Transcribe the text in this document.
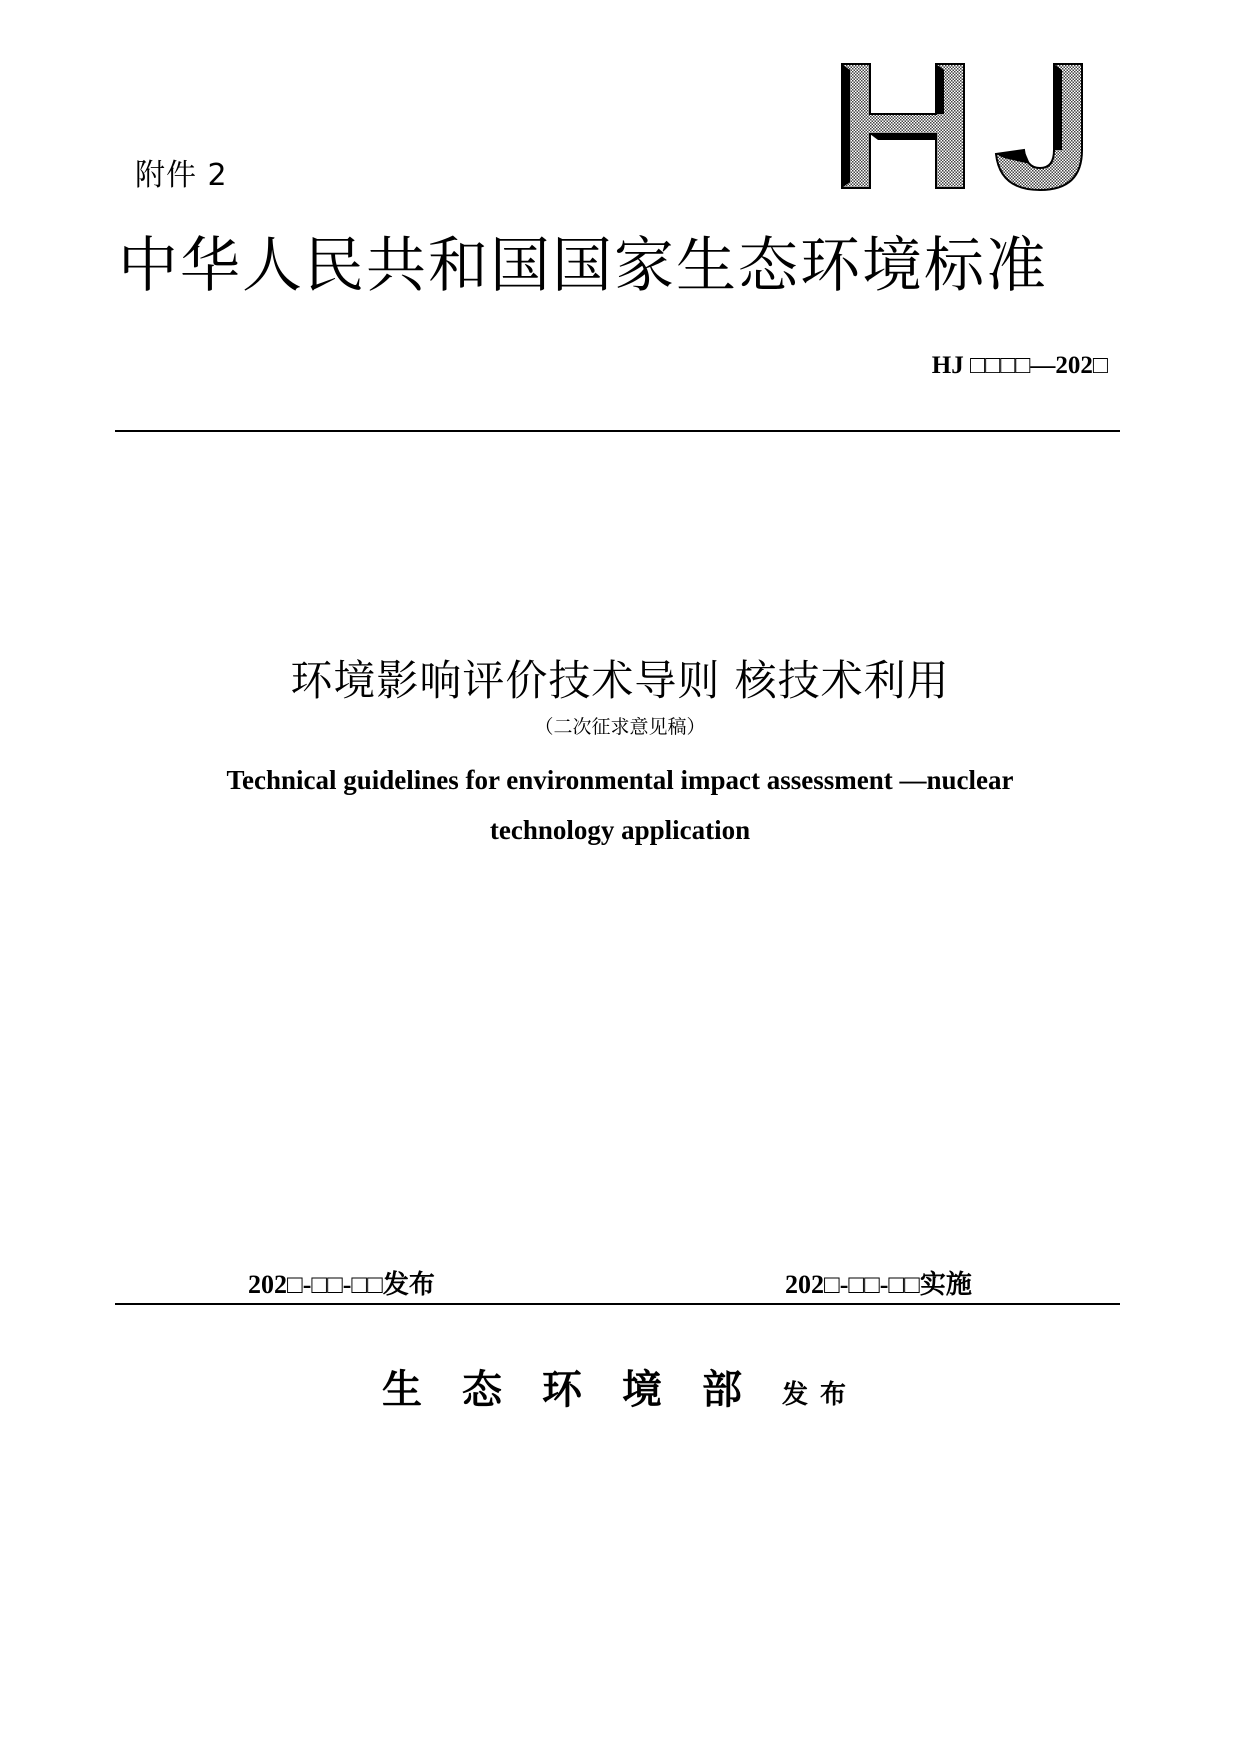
附件 2
中华人民共和国国家生态环境标准
HJ □□□□—202□
环境影响评价技术导则 核技术利用
（二次征求意见稿）
Technical guidelines for environmental impact assessment —nuclear
technology application
202□-□□-□□发布	202□-□□-□□实施
生态环境部发布
